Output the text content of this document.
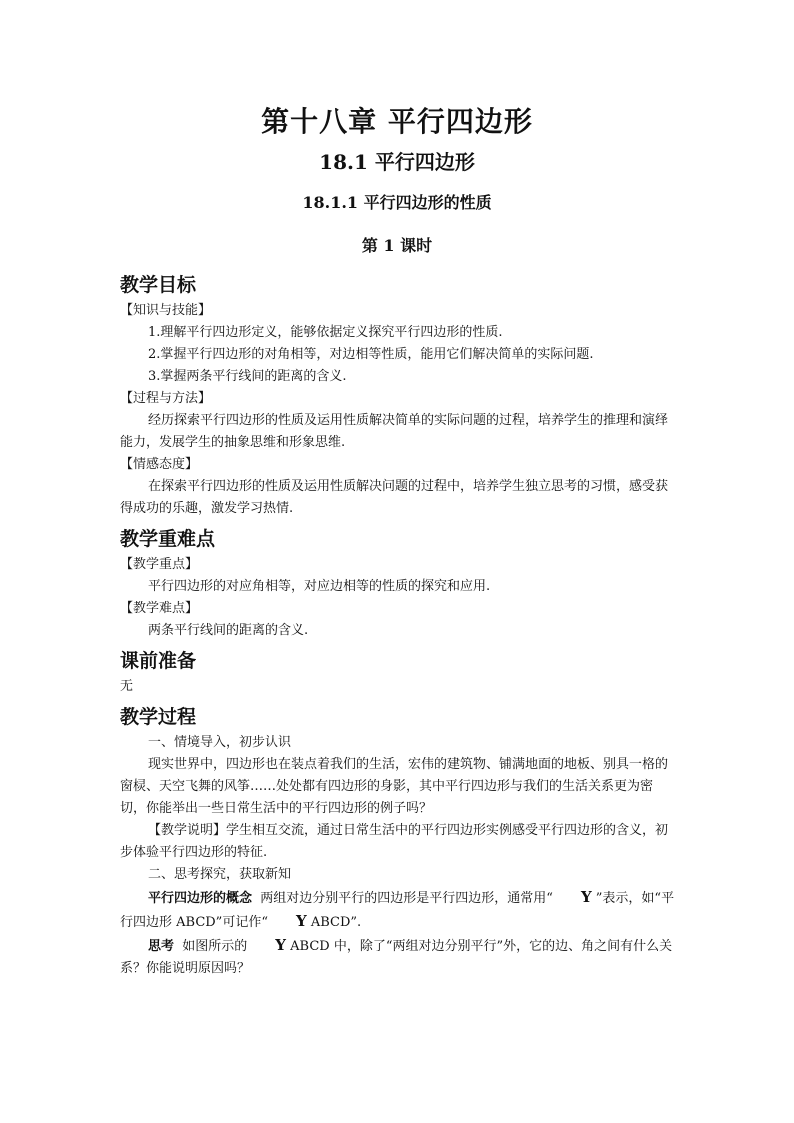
第十八章 平行四边形
18.1 平行四边形
18.1.1 平行四边形的性质
第 1 课时

教学目标

【知识与技能】

1.理解平行四边形定义，能够依据定义探究平行四边形的性质.

2.掌握平行四边形的对角相等，对边相等性质，能用它们解决简单的实际问题.

3.掌握两条平行线间的距离的含义.

【过程与方法】

经历探索平行四边形的性质及运用性质解决简单的实际问题的过程，培养学生的推理和演绎能力，发展学生的抽象思维和形象思维.

【情感态度】

在探索平行四边形的性质及运用性质解决问题的过程中，培养学生独立思考的习惯，感受获得成功的乐趣，激发学习热情.

教学重难点

【教学重点】

平行四边形的对应角相等，对应边相等的性质的探究和应用.

【教学难点】

两条平行线间的距离的含义.

课前准备

无

教学过程

一、情境导入，初步认识

现实世界中，四边形也在装点着我们的生活，宏伟的建筑物、铺满地面的地板、别具一格的窗棂、天空飞舞的风筝……处处都有四边形的身影，其中平行四边形与我们的生活关系更为密切，你能举出一些日常生活中的平行四边形的例子吗？

【教学说明】学生相互交流，通过日常生活中的平行四边形实例感受平行四边形的含义，初步体验平行四边形的特征.

二、思考探究，获取新知

平行四边形的概念 两组对边分别平行的四边形是平行四边形，通常用“ Y ”表示，如“平行四边形 ABCD”可记作“ Y ABCD”.

思考 如图所示的 Y ABCD 中，除了“两组对边分别平行”外，它的边、角之间有什么关系？你能说明原因吗？
